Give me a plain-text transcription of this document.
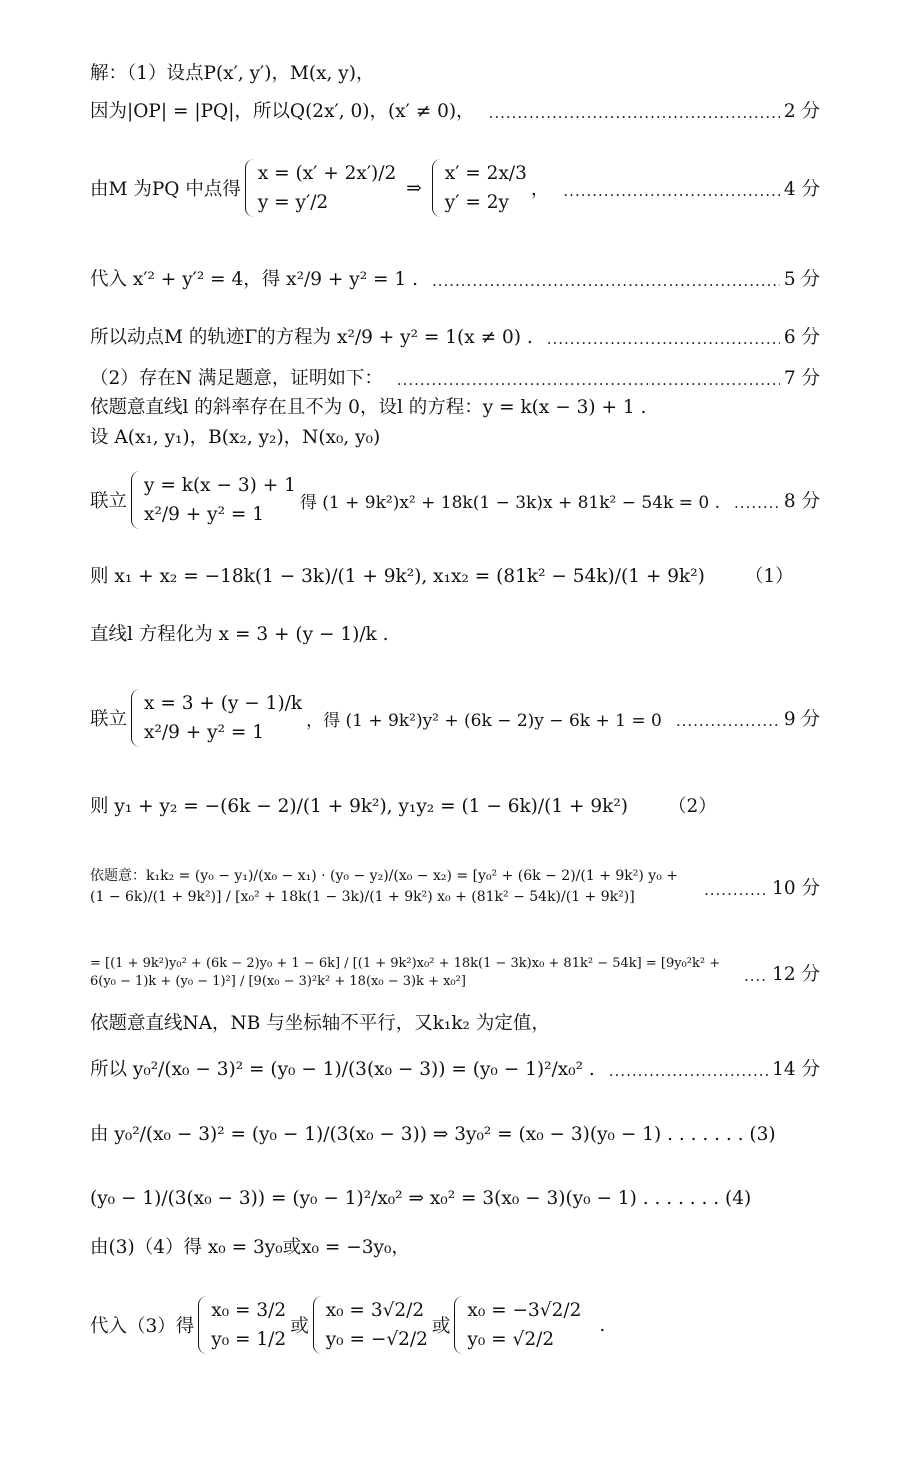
解：（1）设点P(x′, y′)，M(x, y)，
因为|OP| = |PQ|，所以Q(2x′, 0)，(x′ ≠ 0)， .....	2 分
由M 为PQ 中点得
x = (x′ + 2x′)/2
y = y′/2
⇒
x′ = 2x/3
y′ = 2y
， .....	4 分
代入 x′² + y′² = 4，得 x²/9 + y² = 1 . .....	5 分
所以动点M 的轨迹Γ的方程为 x²/9 + y² = 1(x ≠ 0) . .....	6 分
（2）存在N 满足题意，证明如下： .....	7 分
依题意直线l 的斜率存在且不为 0，设l 的方程：y = k(x − 3) + 1 .
设 A(x₁, y₁)，B(x₂, y₂)，N(x₀, y₀)
联立
y = k(x − 3) + 1
x²/9 + y² = 1
得 (1 + 9k²)x² + 18k(1 − 3k)x + 81k² − 54k = 0 . .....	8 分
则 x₁ + x₂ = −18k(1 − 3k)/(1 + 9k²), x₁x₂ = (81k² − 54k)/(1 + 9k²) （1）
直线l 方程化为 x = 3 + (y − 1)/k .
联立
x = 3 + (y − 1)/k
x²/9 + y² = 1
，得 (1 + 9k²)y² + (6k − 2)y − 6k + 1 = 0 .....	9 分
则 y₁ + y₂ = −(6k − 2)/(1 + 9k²), y₁y₂ = (1 − 6k)/(1 + 9k²) （2）
依题意：k₁k₂ = (y₀ − y₁)/(x₀ − x₁) · (y₀ − y₂)/(x₀ − x₂) = [y₀² + (6k − 2)/(1 + 9k²) y₀ + (1 − 6k)/(1 + 9k²)] / [x₀² + 18k(1 − 3k)/(1 + 9k²) x₀ + (81k² − 54k)/(1 + 9k²)] .....	10 分
= [(1 + 9k²)y₀² + (6k − 2)y₀ + 1 − 6k] / [(1 + 9k²)x₀² + 18k(1 − 3k)x₀ + 81k² − 54k] = [9y₀²k² + 6(y₀ − 1)k + (y₀ − 1)²] / [9(x₀ − 3)²k² + 18(x₀ − 3)k + x₀²] .....	12 分
依题意直线NA，NB 与坐标轴不平行，又k₁k₂ 为定值，
所以 y₀²/(x₀ − 3)² = (y₀ − 1)/(3(x₀ − 3)) = (y₀ − 1)²/x₀² . .....	14 分
由 y₀²/(x₀ − 3)² = (y₀ − 1)/(3(x₀ − 3)) ⇒ 3y₀² = (x₀ − 3)(y₀ − 1) . . . . . . . (3)
(y₀ − 1)/(3(x₀ − 3)) = (y₀ − 1)²/x₀² ⇒ x₀² = 3(x₀ − 3)(y₀ − 1) . . . . . . . (4)
由(3)（4）得 x₀ = 3y₀或x₀ = −3y₀，
代入（3）得
x₀ = 3/2
y₀ = 1/2
或
x₀ = 3√2/2
y₀ = −√2/2
或
x₀ = −3√2/2
y₀ = √2/2
.
